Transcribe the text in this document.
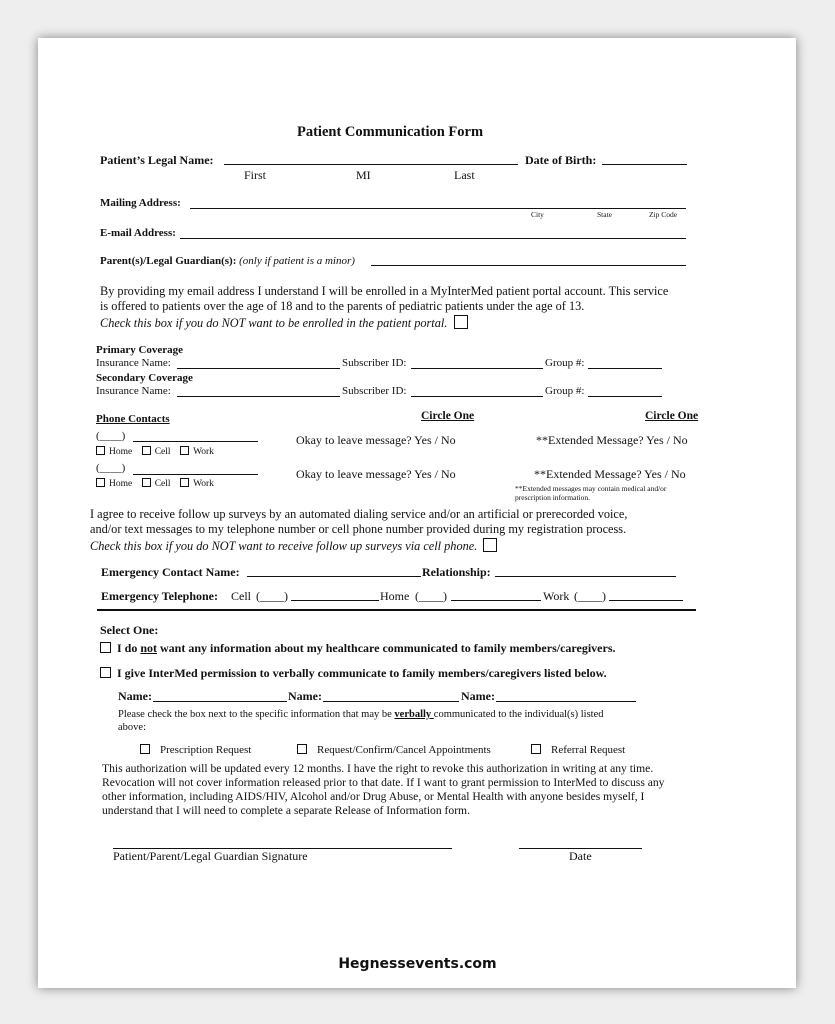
Patient Communication Form
Patient’s Legal Name:	Date of Birth:
First	MI	Last
Mailing Address:
City	State	Zip Code
E-mail Address:
Parent(s)/Legal Guardian(s): (only if patient is a minor)
By providing my email address I understand I will be enrolled in a MyInterMed patient portal account. This service
is offered to patients over the age of 18 and to the parents of pediatric patients under the age of 13.
Check this box if you do NOT want to be enrolled in the patient portal.
Primary Coverage
Insurance Name:	Subscriber ID:	Group #:
Secondary Coverage
Insurance Name:	Subscriber ID:	Group #:
Phone Contacts	Circle One	Circle One
(____)
Home Cell Work
Okay to leave message? Yes / No	**Extended Message? Yes / No
(____)
Home Cell Work
Okay to leave message? Yes / No	**Extended Message? Yes / No
**Extended messages may contain medical and/or
prescription information.
I agree to receive follow up surveys by an automated dialing service and/or an artificial or prerecorded voice,
and/or text messages to my telephone number or cell phone number provided during my registration process.
Check this box if you do NOT want to receive follow up surveys via cell phone.
Emergency Contact Name:	Relationship:
Emergency Telephone: Cell (____)	Home (____)	Work (____)
Select One:
I do not want any information about my healthcare communicated to family members/caregivers.
I give InterMed permission to verbally communicate to family members/caregivers listed below.
Name:	Name:	Name:
Please check the box next to the specific information that may be verbally communicated to the individual(s) listed
above:
Prescription Request	Request/Confirm/Cancel Appointments	Referral Request
This authorization will be updated every 12 months. I have the right to revoke this authorization in writing at any time.
Revocation will not cover information released prior to that date. If I want to grant permission to InterMed to discuss any
other information, including AIDS/HIV, Alcohol and/or Drug Abuse, or Mental Health with anyone besides myself, I
understand that I will need to complete a separate Release of Information form.
Patient/Parent/Legal Guardian Signature	Date
Hegnessevents.com
